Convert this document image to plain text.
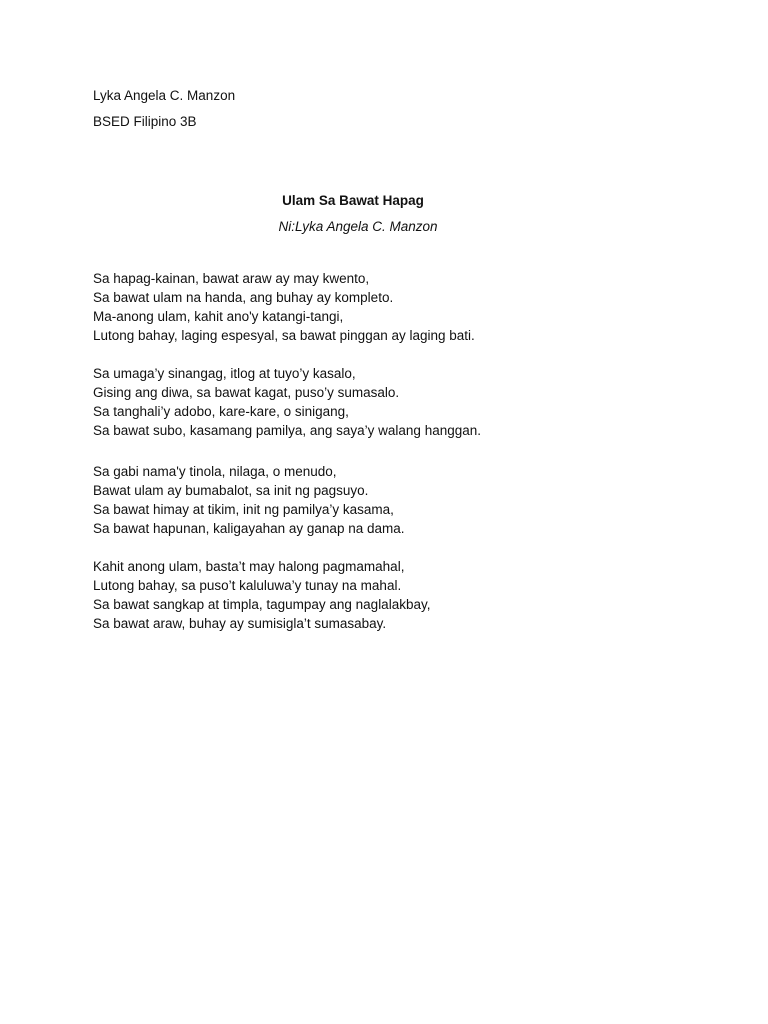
Lyka Angela C. Manzon
BSED Filipino 3B
Ulam Sa Bawat Hapag
Ni:Lyka Angela C. Manzon
Sa hapag-kainan, bawat araw ay may kwento,
Sa bawat ulam na handa, ang buhay ay kompleto.
Ma-anong ulam, kahit ano'y katangi-tangi,
Lutong bahay, laging espesyal, sa bawat pinggan ay laging bati.
Sa umaga’y sinangag, itlog at tuyo’y kasalo,
Gising ang diwa, sa bawat kagat, puso’y sumasalo.
Sa tanghali’y adobo, kare-kare, o sinigang,
Sa bawat subo, kasamang pamilya, ang saya’y walang hanggan.
Sa gabi nama'y tinola, nilaga, o menudo,
Bawat ulam ay bumabalot, sa init ng pagsuyo.
Sa bawat himay at tikim, init ng pamilya’y kasama,
Sa bawat hapunan, kaligayahan ay ganap na dama.
Kahit anong ulam, basta’t may halong pagmamahal,
Lutong bahay, sa puso’t kaluluwa’y tunay na mahal.
Sa bawat sangkap at timpla, tagumpay ang naglalakbay,
Sa bawat araw, buhay ay sumisigla’t sumasabay.
